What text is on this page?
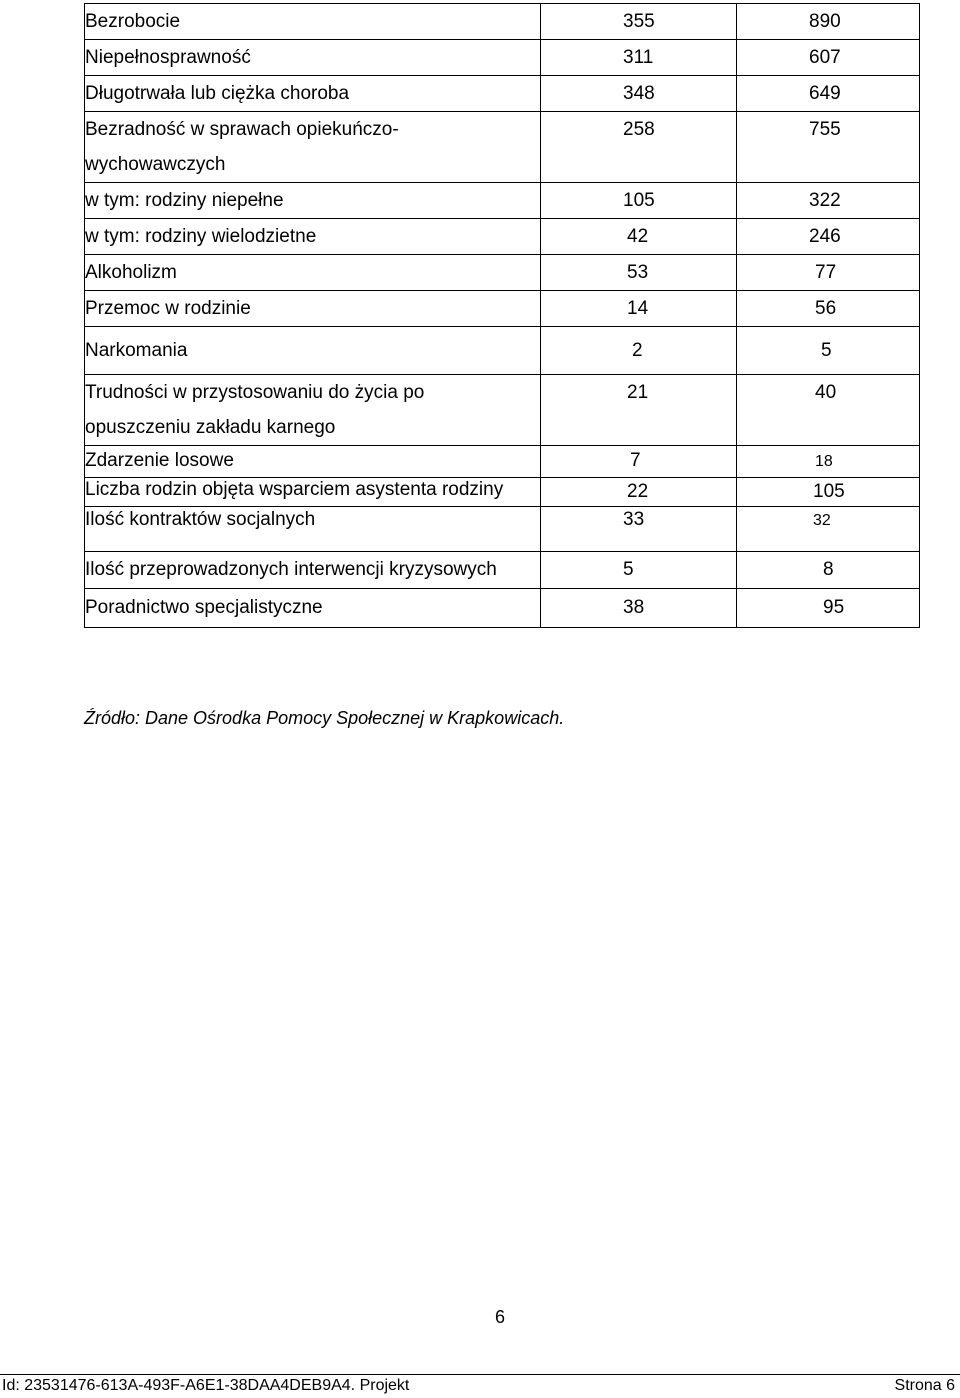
Bezrobocie	355	890
Niepełnosprawność	311	607
Długotrwała lub ciężka choroba	348	649

Bezradność w sprawach opiekuńczo-
wychowawczych	258	755
w tym: rodziny niepełne	105	322
w tym: rodziny wielodzietne	42	246
Alkoholizm	53	77
Przemoc w rodzinie	14	56
Narkomania	2	5

Trudności w przystosowaniu do życia po
opuszczeniu zakładu karnego	21	40
Zdarzenie losowe	7	18
Liczba rodzin objęta wsparciem asystenta rodziny	22	105
Ilość kontraktów socjalnych	33	32
Ilość przeprowadzonych interwencji kryzysowych	5	8
Poradnictwo specjalistyczne	38	95
Źródło: Dane Ośrodka Pomocy Społecznej w Krapkowicach.
6
Id: 23531476-613A-493F-A6E1-38DAA4DEB9A4. Projekt	Strona 6
